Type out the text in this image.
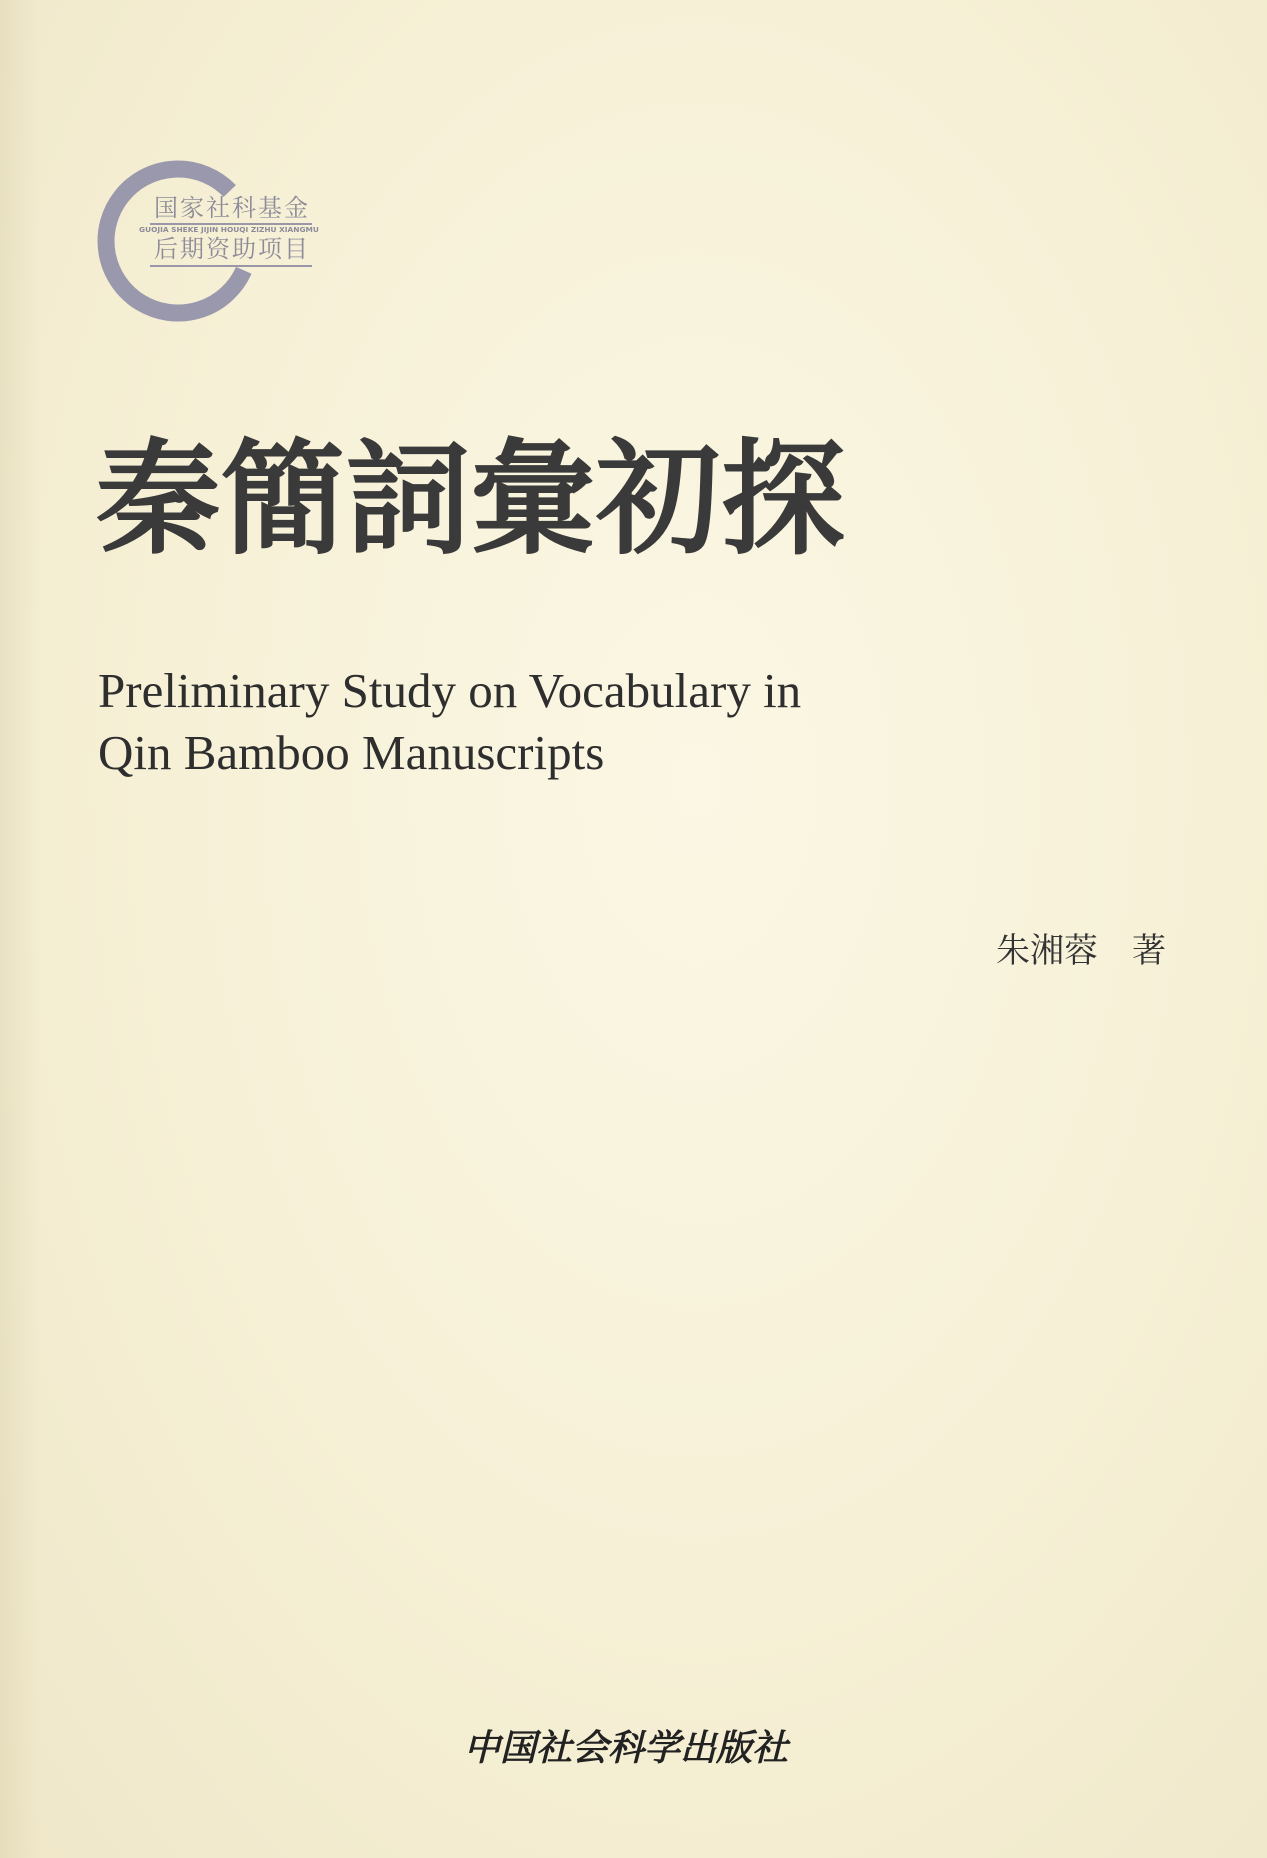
国家社科基金
GUOJIA SHEKE JIJIN HOUQI ZIZHU XIANGMU
后期资助项目
秦簡詞彙初探
Preliminary Study on Vocabulary in
Qin Bamboo Manuscripts
朱湘蓉 著
中国社会科学出版社
